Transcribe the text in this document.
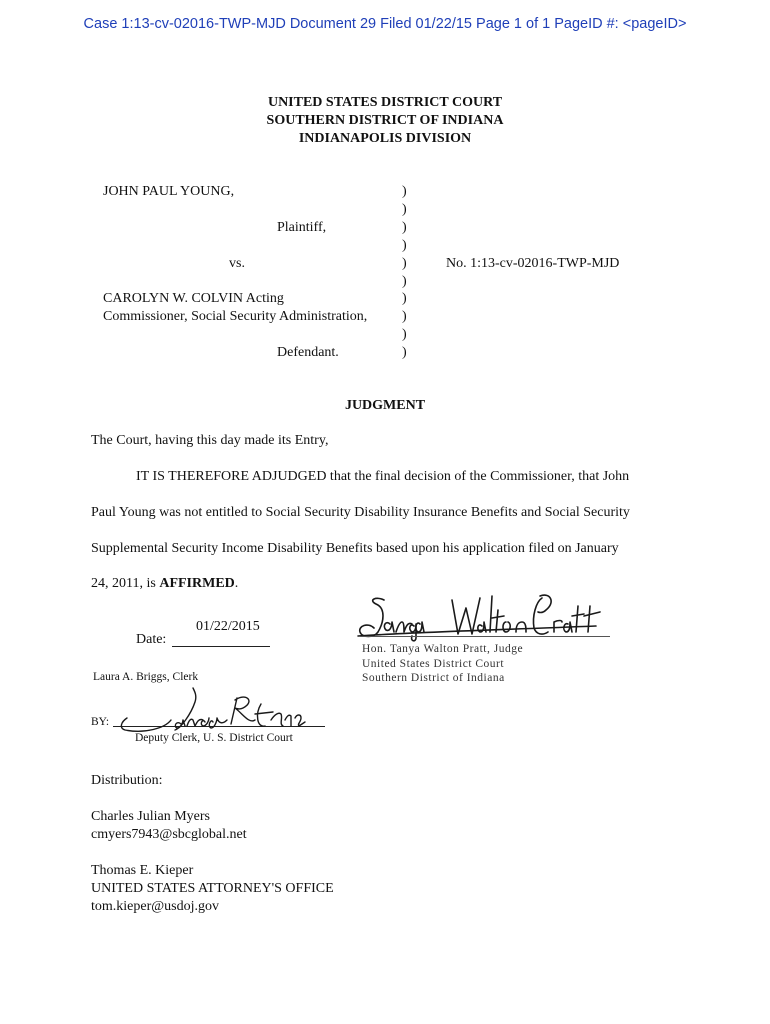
Case 1:13-cv-02016-TWP-MJD Document 29 Filed 01/22/15 Page 1 of 1 PageID #: <pageID>
UNITED STATES DISTRICT COURT
SOUTHERN DISTRICT OF INDIANA
INDIANAPOLIS DIVISION
JOHN PAUL YOUNG,
Plaintiff,
vs.
CAROLYN W. COLVIN Acting
Commissioner, Social Security Administration,
Defendant.
No. 1:13-cv-02016-TWP-MJD
)
)
)
)
)
)
)
)
)
)
JUDGMENT
The Court, having this day made its Entry,
IT IS THEREFORE ADJUDGED that the final decision of the Commissioner, that John
Paul Young was not entitled to Social Security Disability Insurance Benefits and Social Security
Supplemental Security Income Disability Benefits based upon his application filed on January
24, 2011, is AFFIRMED.
01/22/2015
Date:
Hon. Tanya Walton Pratt, Judge
United States District Court
Southern District of Indiana
Laura A. Briggs, Clerk
BY:
Deputy Clerk, U. S. District Court
Distribution:
Charles Julian Myers
cmyers7943@sbcglobal.net
Thomas E. Kieper
UNITED STATES ATTORNEY'S OFFICE
tom.kieper@usdoj.gov
